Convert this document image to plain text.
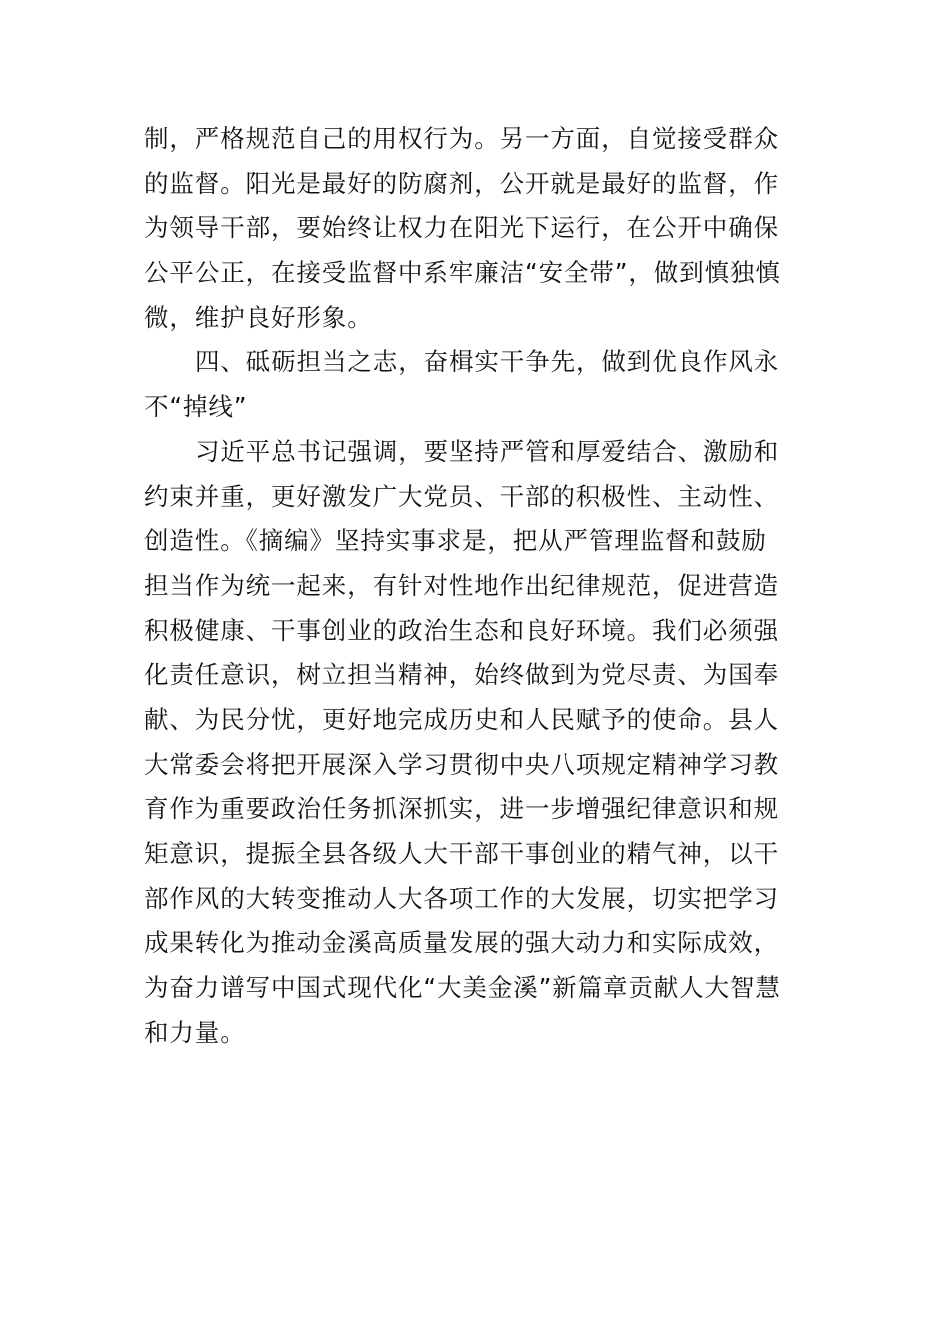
制，严格规范自己的用权行为。另一方面，自觉接受群众
的监督。阳光是最好的防腐剂，公开就是最好的监督，作
为领导干部，要始终让权力在阳光下运行，在公开中确保
公平公正，在接受监督中系牢廉洁“安全带”，做到慎独慎
微，维护良好形象。
四、砥砺担当之志，奋楫实干争先，做到优良作风永
不“掉线”
习近平总书记强调，要坚持严管和厚爱结合、激励和
约束并重，更好激发广大党员、干部的积极性、主动性、
创造性。《摘编》坚持实事求是，把从严管理监督和鼓励
担当作为统一起来，有针对性地作出纪律规范，促进营造
积极健康、干事创业的政治生态和良好环境。我们必须强
化责任意识，树立担当精神，始终做到为党尽责、为国奉
献、为民分忧，更好地完成历史和人民赋予的使命。县人
大常委会将把开展深入学习贯彻中央八项规定精神学习教
育作为重要政治任务抓深抓实，进一步增强纪律意识和规
矩意识，提振全县各级人大干部干事创业的精气神，以干
部作风的大转变推动人大各项工作的大发展，切实把学习
成果转化为推动金溪高质量发展的强大动力和实际成效，
为奋力谱写中国式现代化“大美金溪”新篇章贡献人大智慧
和力量。
